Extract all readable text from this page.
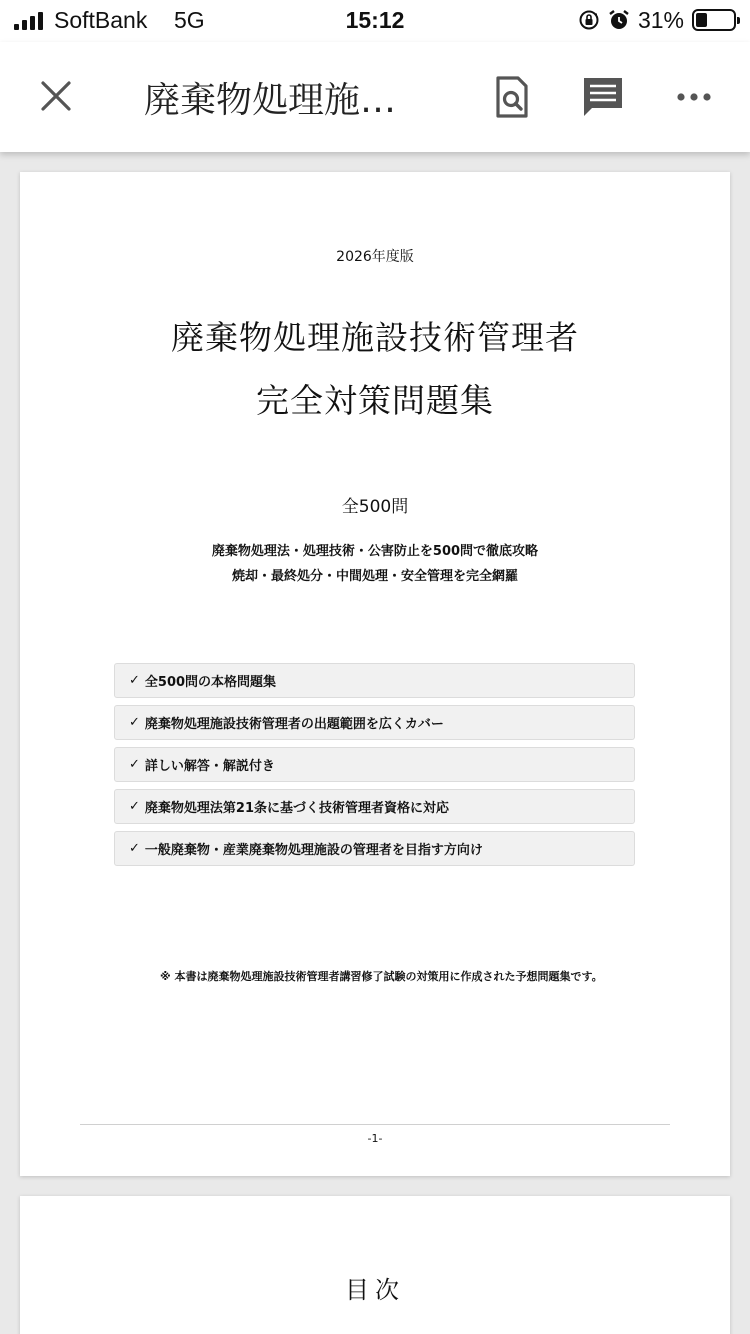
SoftBank 5G	15:12	31%
廃棄物処理施…
2026年度版
廃棄物処理施設技術管理者
完全対策問題集
全500問
廃棄物処理法・処理技術・公害防止を500問で徹底攻略
焼却・最終処分・中間処理・安全管理を完全網羅
✓ 全500問の本格問題集
✓ 廃棄物処理施設技術管理者の出題範囲を広くカバー
✓ 詳しい解答・解説付き
✓ 廃棄物処理法第21条に基づく技術管理者資格に対応
✓ 一般廃棄物・産業廃棄物処理施設の管理者を目指す方向け
※ 本書は廃棄物処理施設技術管理者講習修了試験の対策用に作成された予想問題集です。
-1-
目次
